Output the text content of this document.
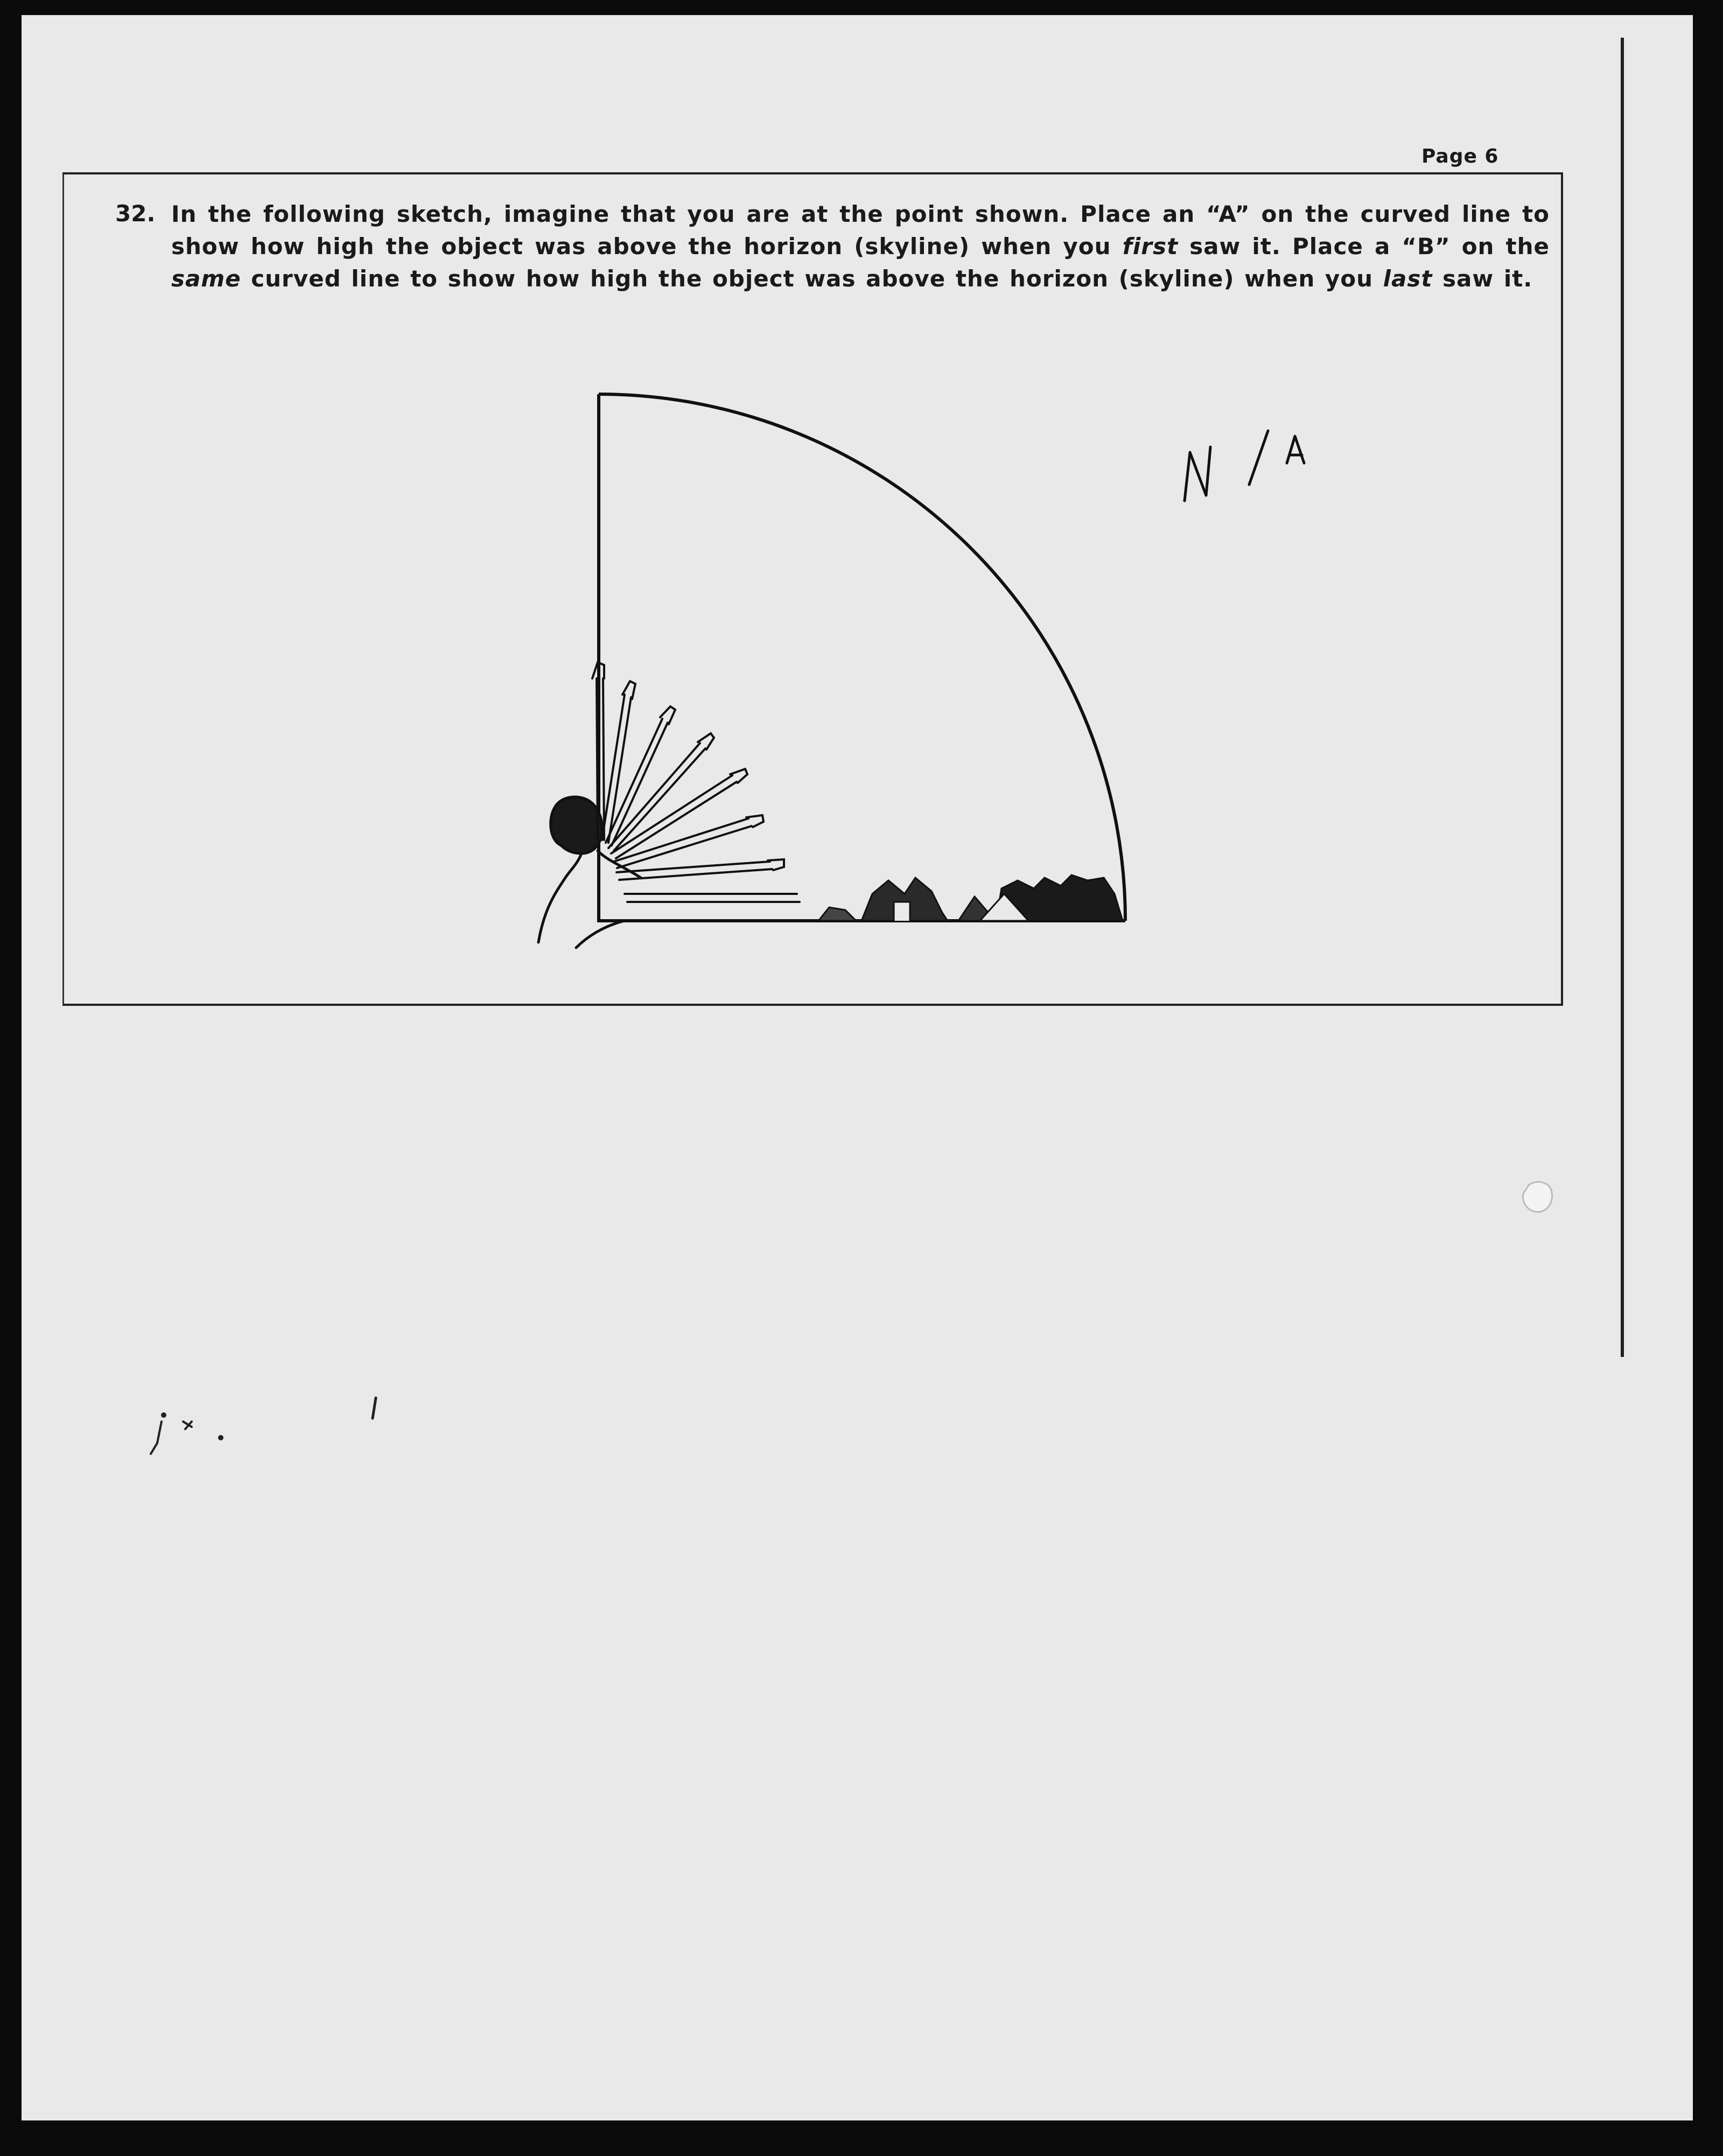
Page 6
32. In the following sketch, imagine that you are at the point shown. Place an “A” on the curved line to show how high the object was above the horizon (skyline) when you first saw it. Place a “B” on the same curved line to show how high the object was above the horizon (skyline) when you last saw it.
N/A
